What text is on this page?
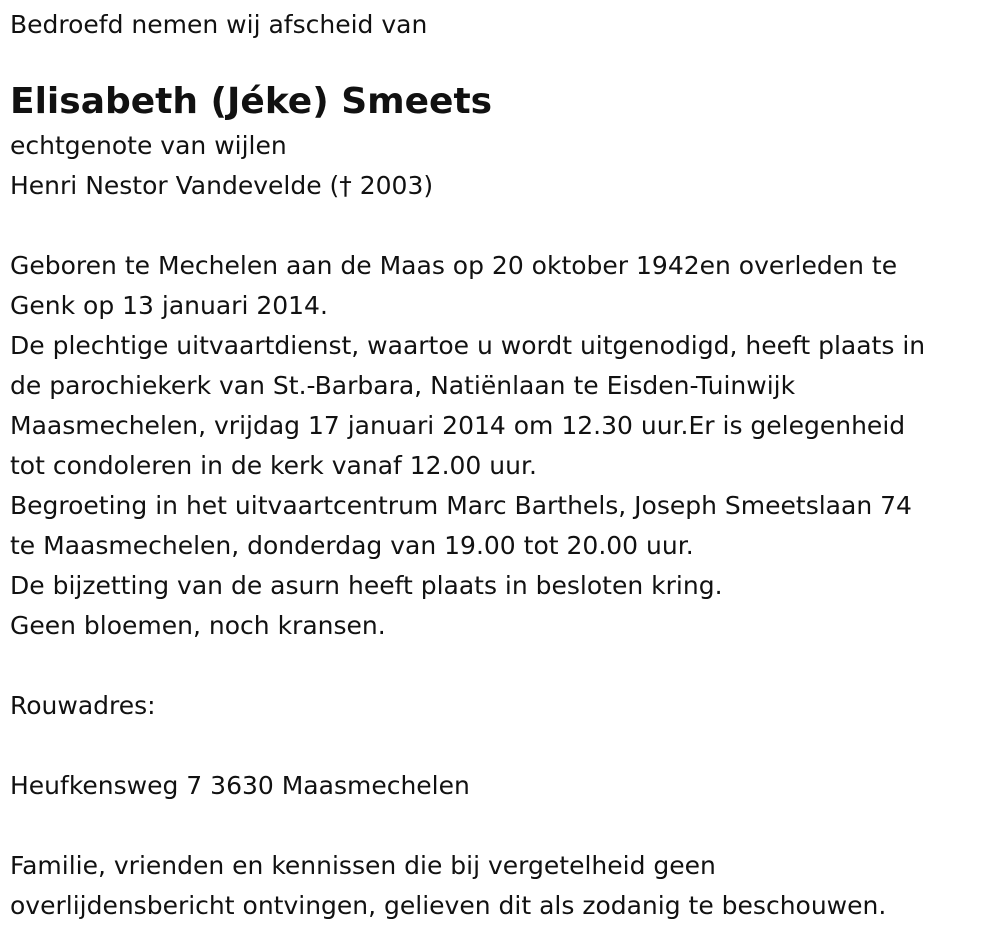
Bedroefd nemen wij afscheid van

Elisabeth (Jéke) Smeets

echtgenote van wijlen

Henri Nestor Vandevelde († 2003)

Geboren te Mechelen aan de Maas op 20 oktober 1942en overleden te

Genk op 13 januari 2014.

De plechtige uitvaartdienst, waartoe u wordt uitgenodigd, heeft plaats in

de parochiekerk van St.-Barbara, Natiënlaan te Eisden-Tuinwijk

Maasmechelen, vrijdag 17 januari 2014 om 12.30 uur.Er is gelegenheid

tot condoleren in de kerk vanaf 12.00 uur.

Begroeting in het uitvaartcentrum Marc Barthels, Joseph Smeetslaan 74

te Maasmechelen, donderdag van 19.00 tot 20.00 uur.

De bijzetting van de asurn heeft plaats in besloten kring.

Geen bloemen, noch kransen.

Rouwadres:

Heufkensweg 7 3630 Maasmechelen

Familie, vrienden en kennissen die bij vergetelheid geen

overlijdensbericht ontvingen, gelieven dit als zodanig te beschouwen.
